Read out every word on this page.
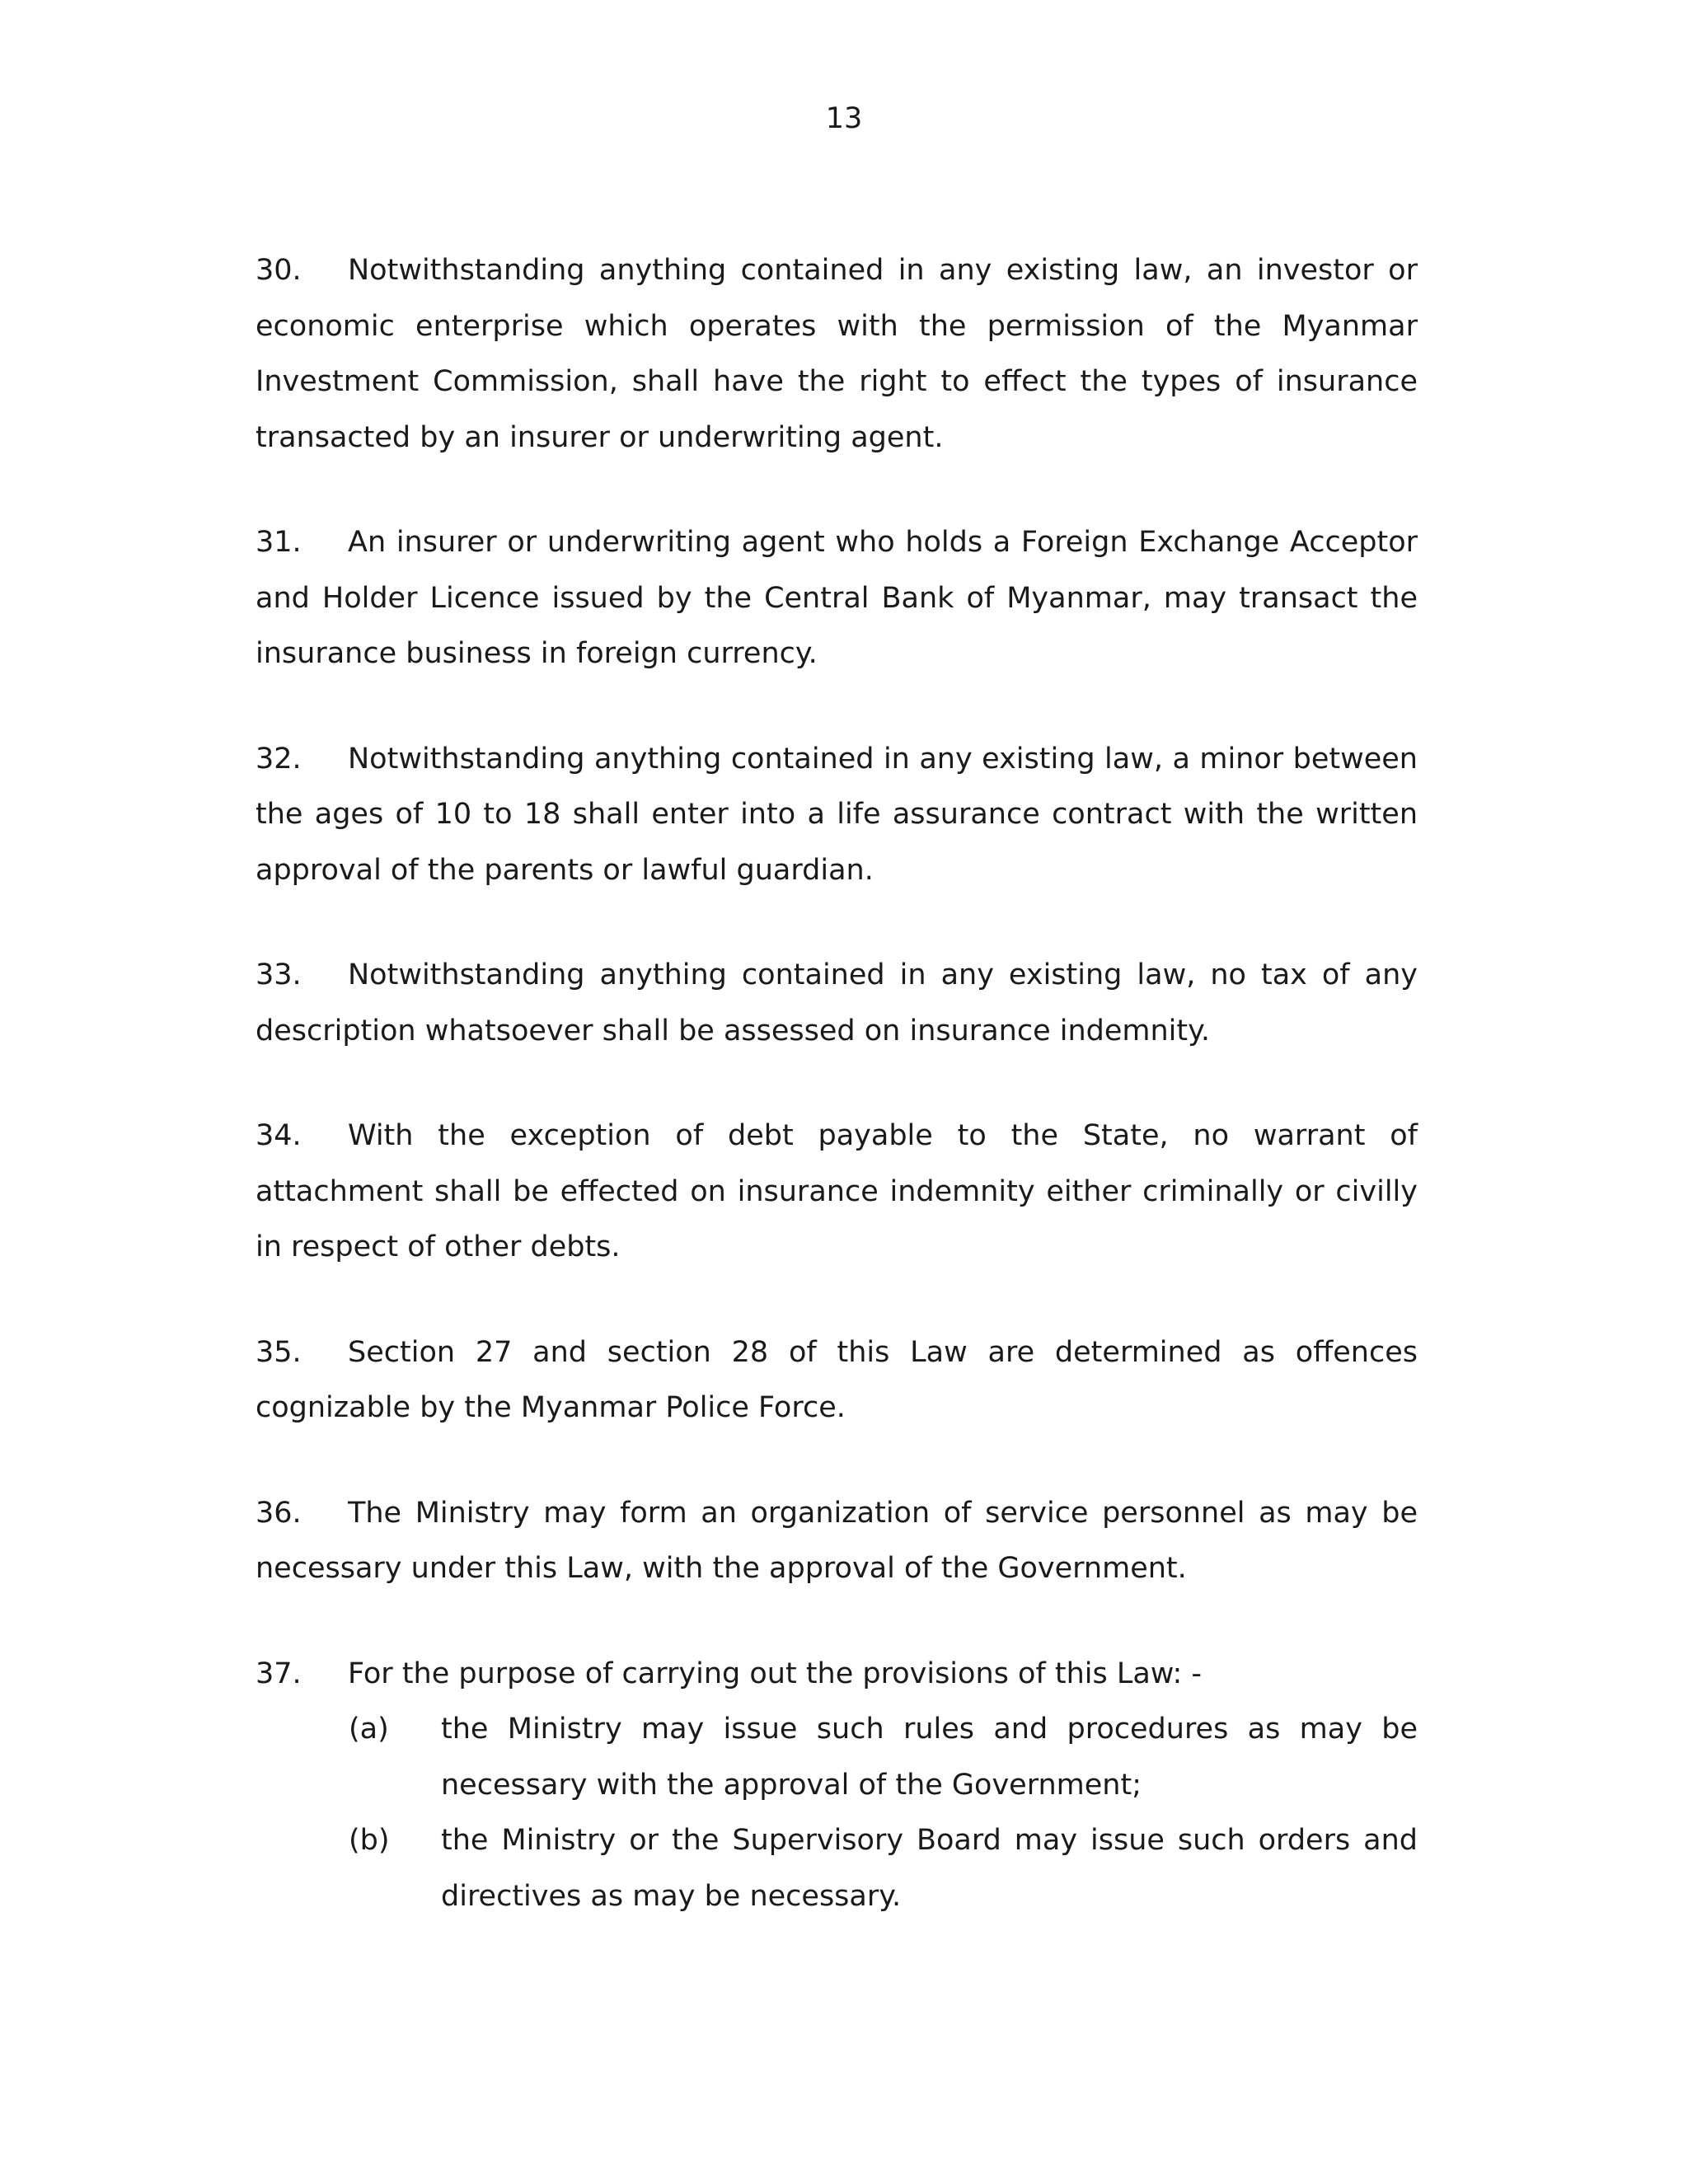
13

30. Notwithstanding anything contained in any existing law, an investor or economic enterprise which operates with the permission of the Myanmar Investment Commission, shall have the right to effect the types of insurance transacted by an insurer or underwriting agent.

31. An insurer or underwriting agent who holds a Foreign Exchange Acceptor and Holder Licence issued by the Central Bank of Myanmar, may transact the insurance business in foreign currency.

32. Notwithstanding anything contained in any existing law, a minor between the ages of 10 to 18 shall enter into a life assurance contract with the written approval of the parents or lawful guardian.

33. Notwithstanding anything contained in any existing law, no tax of any description whatsoever shall be assessed on insurance indemnity.

34. With the exception of debt payable to the State, no warrant of attachment shall be effected on insurance indemnity either criminally or civilly in respect of other debts.

35. Section 27 and section 28 of this Law are determined as offences cognizable by the Myanmar Police Force.

36. The Ministry may form an organization of service personnel as may be necessary under this Law, with the approval of the Government.

37. For the purpose of carrying out the provisions of this Law: -

(a) the Ministry may issue such rules and procedures as may be necessary with the approval of the Government;
(b) the Ministry or the Supervisory Board may issue such orders and directives as may be necessary.
